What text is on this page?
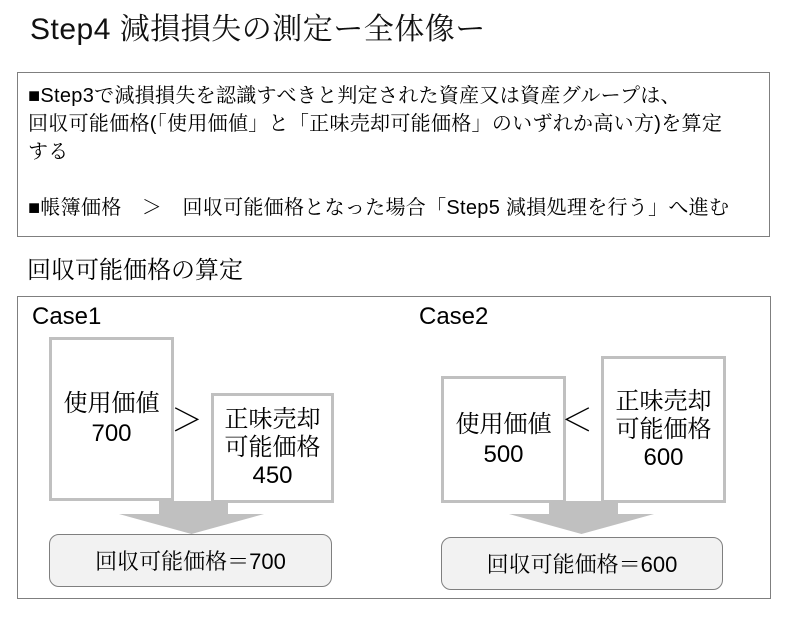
Step4 減損損失の測定ー全体像ー
■Step3で減損損失を認識すべきと判定された資産又は資産グループは、
回収可能価格(「使用価値」と「正味売却可能価格」のいずれか高い方)を算定
する
■帳簿価格　＞　回収可能価格となった場合「Step5 減損処理を行う」へ進む
回収可能価格の算定
Case1	Case2
使用価値
700 ＞ 正味売却
可能価格
450
回収可能価格＝700
使用価値
500
＜
正味売却
可能価格
600
回収可能価格＝600
